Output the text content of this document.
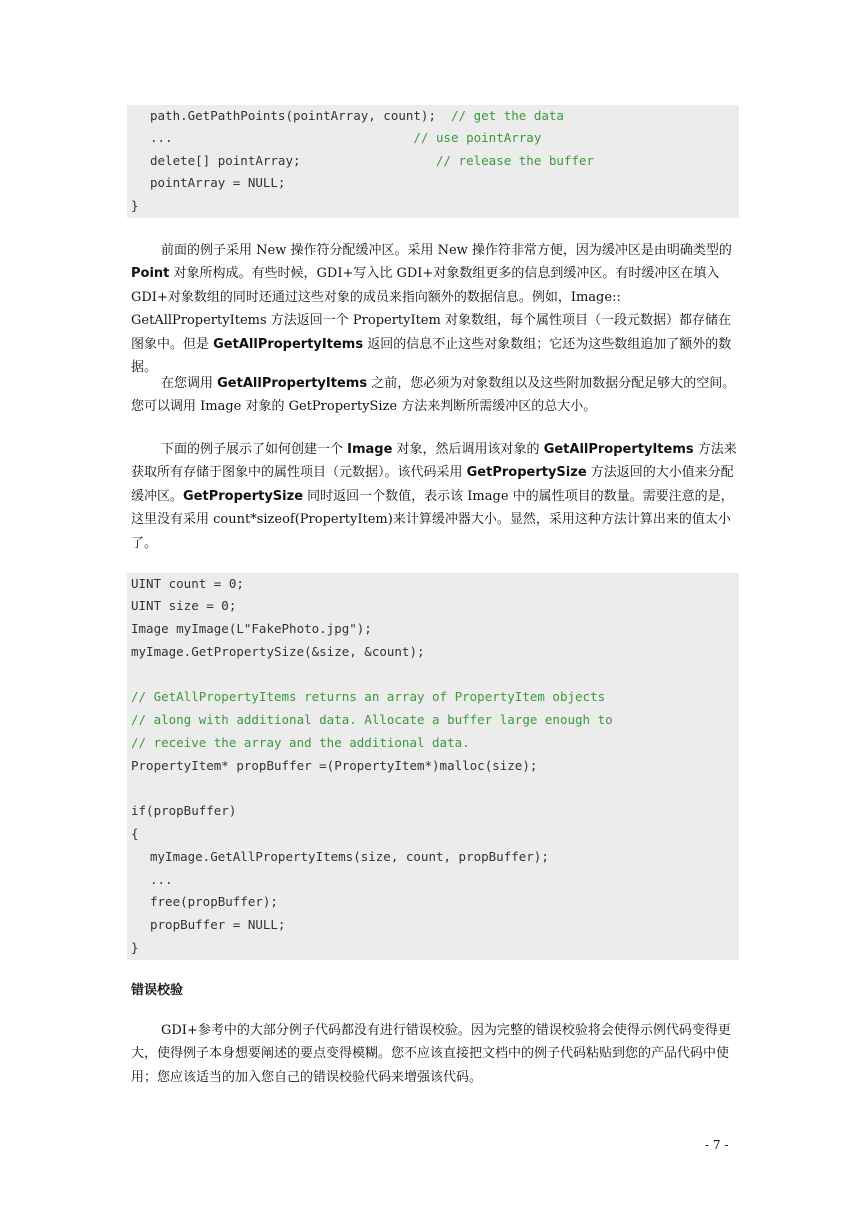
path.GetPathPoints(pointArray, count);  // get the data
...                                // use pointArray
delete[] pointArray;                  // release the buffer
pointArray = NULL;
}

前面的例子采用 New 操作符分配缓冲区。采用 New 操作符非常方便，因为缓冲区是由明确类型的 Point 对象所构成。有些时候，GDI+写入比 GDI+对象数组更多的信息到缓冲区。有时缓冲区在填入 GDI+对象数组的同时还通过这些对象的成员来指向额外的数据信息。例如，Image:: GetAllPropertyItems 方法返回一个 PropertyItem 对象数组，每个属性项目（一段元数据）都存储在图象中。但是 GetAllPropertyItems 返回的信息不止这些对象数组；它还为这些数组追加了额外的数据。

在您调用 GetAllPropertyItems 之前，您必须为对象数组以及这些附加数据分配足够大的空间。您可以调用 Image 对象的 GetPropertySize 方法来判断所需缓冲区的总大小。

下面的例子展示了如何创建一个 Image 对象，然后调用该对象的 GetAllPropertyItems 方法来获取所有存储于图象中的属性项目（元数据）。该代码采用 GetPropertySize 方法返回的大小值来分配缓冲区。GetPropertySize 同时返回一个数值，表示该 Image 中的属性项目的数量。需要注意的是，这里没有采用 count*sizeof(PropertyItem)来计算缓冲器大小。显然，采用这种方法计算出来的值太小了。

UINT count = 0;
UINT size = 0;
Image myImage(L"FakePhoto.jpg");
myImage.GetPropertySize(&size, &count);
// GetAllPropertyItems returns an array of PropertyItem objects
// along with additional data. Allocate a buffer large enough to
// receive the array and the additional data.
PropertyItem* propBuffer =(PropertyItem*)malloc(size);
if(propBuffer)
{
myImage.GetAllPropertyItems(size, count, propBuffer);
...
free(propBuffer);
propBuffer = NULL;
}
错误校验

GDI+参考中的大部分例子代码都没有进行错误校验。因为完整的错误校验将会使得示例代码变得更大，使得例子本身想要阐述的要点变得模糊。您不应该直接把文档中的例子代码粘贴到您的产品代码中使用；您应该适当的加入您自己的错误校验代码来增强该代码。

- 7 -
